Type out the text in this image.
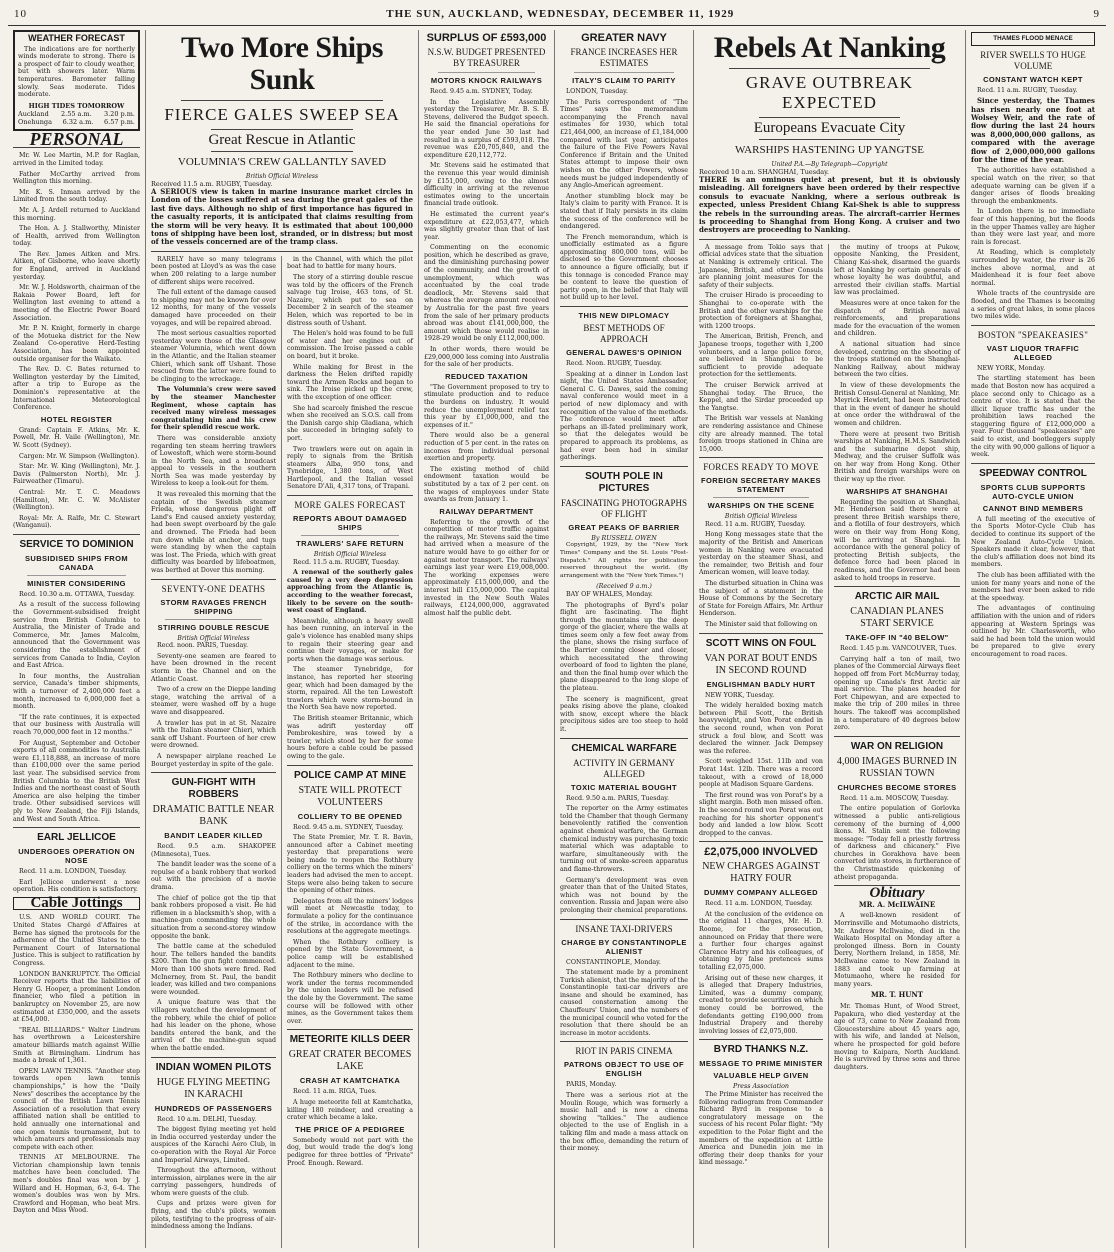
10	THE SUN, AUCKLAND, WEDNESDAY, DECEMBER 11, 1929	9
WEATHER FORECAST

The indications are for northerly winds moderate to strong. There is a prospect of fair to cloudy weather, but with showers later. Warm temperatures. Barometer falling slowly. Seas moderate. Tides moderate.

HIGH TIDES TOMORROW
Auckland 2.55 a.m. 3.20 p.m.
Onehunga 6.32 a.m. 6.57 p.m.
PERSONAL

Mr. W. Lee Martin, M.P. for Raglan, arrived in the Limited today.

Father McCarthy arrived from Wellington this morning.

Mr. K. S. Inman arrived by the Limited from the south today.

Mr. A. J. Ardell returned to Auckland this morning.

The Hon. A. J. Stallworthy, Minister of Health, arrived from Wellington today.

The Rev. James Aitken and Mrs. Aitken, of Gisborne, who leave shortly for England, arrived in Auckland yesterday.

Mr. W. J. Holdsworth, chairman of the Rakaia Power Board, left for Wellington last evening to attend a meeting of the Electric Power Board Association.

Mr. P. N. Knight, formerly in charge of the Motueka district for the New Zealand Co-operative Herd-Testing Association, has been appointed outside organiser for the Waikato.

The Rev. D. C. Bates returned to Wellington yesterday by the Limited, after a trip to Europe as the Dominion's representative at the International Meteorological Conference.

HOTEL REGISTER

Grand: Captain F. Atkins, Mr. K. Powell, Mr. H. Vaile (Wellington), Mr. W. Scott (Sydney).

Cargen: Mr. W. Simpson (Wellington).

Star: Mr. W. King (Wellington), Mr. J. Davis (Palmerston North), Mr. J. Fairweather (Timaru).

Central: Mr. T. C. Meadows (Hamilton), Mr. C. W. McAlister (Wellington).

Royal: Mr. A. Ralfe, Mr. C. Stewart (Wanganui).

SERVICE TO DOMINION
SUBSIDISED SHIPS FROM CANADA
MINISTER CONSIDERING

Recd. 10.30 a.m. OTTAWA, Tuesday.

As a result of the success following the Government-subsidised freight service from British Columbia to Australia, the Minister of Trade and Commerce, Mr. James Malcolm, announced that the Government was considering the establishment of services from Canada to India, Ceylon and East Africa.

In four months, the Australian service, Canada's timber shipments, with a turnover of 2,400,000 feet a month, increased to 6,000,000 feet a month.

"If the rate continues, it is expected that our business with Australia will reach 70,000,000 feet in 12 months."

For August, September and October exports of all commodities to Australia were £1,118,888, an increase of more than £100,000 over the same period last year. The subsidised service from British Columbia to the British West Indies and the northeast coast of South America are also helping the timber trade. Other subsidised services will ply to New Zealand, the Fiji Islands, and West and South Africa.

EARL JELLICOE
UNDERGOES OPERATION ON NOSE

Recd. 11 a.m. LONDON, Tuesday.

Earl Jellicoe underwent a nose operation. His condition is satisfactory.

Cable Jottings

U.S. AND WORLD COURT. The United States Chargé d'Affaires at Berne has signed the protocols for the adherence of the United States to the Permanent Court of International Justice. This is subject to ratification by Congress.

LONDON BANKRUPTCY. The Official Receiver reports that the liabilities of Henry G. Hooper, a prominent London financier, who filed a petition in bankruptcy on November 25, are now estimated at £350,000, and the assets at £54,000.

"REAL BILLIARDS." Walter Lindrum has overthrown a Leicestershire amateur billiards match against Willie Smith at Birmingham. Lindrum has made a break of 1,361.

OPEN LAWN TENNIS. "Another step towards open lawn tennis championships," is how the "Daily News" describes the acceptance by the council of the British Lawn Tennis Association of a resolution that every affiliated nation shall be entitled to hold annually one international and one open tennis tournament, but to which amateurs and professionals may compete with each other.

TENNIS AT MELBOURNE. The Victorian championship lawn tennis matches have been concluded. The men's doubles final was won by J. Willard and H. Hopman, 6-3, 6-4. The women's doubles was won by Mrs. Crawford and Hopman, who beat Mrs. Dayton and Miss Wood.

Two More Ships Sunk
FIERCE GALES SWEEP SEA
Great Rescue in Atlantic
VOLUMNIA'S CREW GALLANTLY SAVED
British Official Wireless
Received 11.5 a.m. RUGBY, Tuesday.
A SERIOUS view is taken in marine insurance market circles in London of the losses suffered at sea during the great gales of the last five days. Although no ship of first importance has figured in the casualty reports, it is anticipated that claims resulting from the storm will be very heavy. It is estimated that about 100,000 tons of shipping have been lost, stranded, or in distress; but most of the vessels concerned are of the tramp class.

RARELY have so many telegrams been posted at Lloyd's as was the case when 200 relating to a large number of different ships were received.

The full extent of the damage caused to shipping may not be known for over 12 months, for many of the vessels damaged have proceeded on their voyages, and will be repaired abroad.

The most serious casualties reported yesterday were those of the Glasgow steamer Volumnia, which went down in the Atlantic, and the Italian steamer Chieri, which sank off Ushant. Those rescued from the latter were found to be clinging to the wreckage.

The Volumnia's crew were saved by the steamer Manchester Regiment, whose captain has received many wireless messages congratulating him and his crew for their splendid rescue work.

There was considerable anxiety regarding ten steam herring trawlers of Lowestoft, which were storm-bound in the North Sea, and a broadcast appeal to vessels in the southern North Sea was made yesterday by Wireless to keep a look-out for them.

It was revealed this morning that the captain of the Swedish steamer Frieda, whose dangerous plight off Land's End caused anxiety yesterday, had been swept overboard by the gale and drowned. The Frieda had been run down while at anchor, and tugs were standing by when the captain was lost. The Frieda, which with great difficulty was boarded by lifeboatmen, was berthed at Dover this morning.

SEVENTY-ONE DEATHS
STORM RAVAGES FRENCH SHIPPING
STIRRING DOUBLE RESCUE
British Official Wireless

Recd. noon. PARIS, Tuesday.

Seventy-one seamen are feared to have been drowned in the recent storm in the Channel and on the Atlantic Coast.

Two of a crew on the Dieppe landing stage, watching the arrival of a steamer, were washed off by a huge wave and disappeared.

A trawler has put in at St. Nazaire with the Italian steamer Chieri, which sank off Ushant. Fourteen of her crew were drowned.

A newspaper airplane reached Le Bourget yesterday in spite of the gale.

GUN-FIGHT WITH ROBBERS
DRAMATIC BATTLE NEAR BANK
BANDIT LEADER KILLED

Recd. 9.5 a.m. SHAKOPEE (Minnesota), Tues.

The bandit leader was the scene of a repulse of a bank robbery that worked out with the precision of a movie drama.

The chief of police got the tip that bank robbers proposed a visit. He hid riflemen in a blacksmith's shop, with a machine-gun commanding the whole situation from a second-storey window opposite the bank.

The battle came at the scheduled hour. The tellers handed the bandits $200. Then the gun fight commenced. More than 100 shots were fired. Red McInerney, from St. Paul, the bandit leader, was killed and two companions were wounded.

A unique feature was that the villagers watched the development of the robbery, while the chief of police had his leader on the phone, whose bandits entered the bank, and the arrival of the machine-gun squad when the battle ended.

INDIAN WOMEN PILOTS
HUGE FLYING MEETING IN KARACHI
HUNDREDS OF PASSENGERS

Recd. 10 a.m. DELHI, Tuesday.

The biggest flying meeting yet held in India occurred yesterday under the auspices of the Karachi Aero Club, in co-operation with the Royal Air Force and Imperial Airways, Limited.

Throughout the afternoon, without intermission, airplanes were in the air carrying passengers, hundreds of whom were guests of the club.

Cups and prizes were given for flying, and the club's pilots, women pilots, testifying to the progress of air-mindedness among the Indians.

in the Channel, with which the pilot boat had to battle for many hours.

The story of a stirring double rescue was told by the officers of the French salvage tug Iroise, 463 tons, of St. Nazaire, which put to sea on December 2 in search of the steamer Helen, which was reported to be in distress south of Ushant.

The Helen's hold was found to be full of water and her engines out of commission. The Iroise passed a cable on board, but it broke.

While making for Brest in the darkness the Helen drifted rapidly toward the Armen Rocks and began to sink. The Iroise picked up the crew, with the exception of one officer.

She had scarcely finished the rescue when she received an S.O.S. call from the Danish cargo ship Gladiana, which she succeeded in bringing safely to port.

Two trawlers were out on again in reply to signals from the British steamers Alba, 950 tons, and Tynebridge, 1,380 tons, of West Hartlepool, and the Italian vessel Senatore D'Ali, 4,317 tons, of Trapani.

MORE GALES FORECAST
REPORTS ABOUT DAMAGED SHIPS
TRAWLERS' SAFE RETURN
British Official Wireless

Recd. 11.5 a.m. RUGBY, Tuesday.

A renewal of the southerly gales caused by a very deep depression approaching from the Atlantic is, according to the weather forecast, likely to be severe on the south-west coast of England.

Meanwhile, although a heavy swell has been running, an interval in the gale's violence has enabled many ships to regain their steering gear and continue their voyages, or make for ports when the damage was serious.

The steamer Tynebridge, for instance, has reported her steering gear, which had been damaged by the storm, repaired. All the ten Lowestoft trawlers which were storm-bound in the North Sea have now reported.

The British steamer Britannic, which was adrift yesterday off Pembrokeshire, was towed by a trawler, which stood by her for some hours before a cable could be passed owing to the gale.

POLICE CAMP AT MINE
STATE WILL PROTECT VOLUNTEERS
COLLIERY TO BE OPENED

Recd. 9.45 a.m. SYDNEY, Tuesday.

The State Premier, Mr. T. R. Bavin, announced after a Cabinet meeting yesterday that preparations were being made to reopen the Rothbury colliery on the terms which the miners' leaders had advised the men to accept. Steps were also being taken to secure the opening of other mines.

Delegates from all the miners' lodges will meet at Newcastle today, to formulate a policy for the continuance of the strike, in accordance with the resolutions at the aggregate meetings.

When the Rothbury colliery is opened by the State Government, a police camp will be established adjacent to the mine.

The Rothbury miners who decline to work under the terms recommended by the union leaders will be refused the dole by the Government. The same course will be followed with other mines, as the Government takes them over.

METEORITE KILLS DEER
GREAT CRATER BECOMES LAKE
CRASH AT KAMTCHATKA

Recd. 11 a.m. RIGA, Tues.

A huge meteorite fell at Kamtchatka, killing 180 reindeer, and creating a crater which became a lake.

THE PRICE OF A PEDIGREE

Somebody would not part with the dog, but would trade the dog's long pedigree for three bottles of "Private" Proof. Enough. Reward.

SURPLUS OF £593,000
N.S.W. BUDGET PRESENTED BY TREASURER
MOTORS KNOCK RAILWAYS

Recd. 9.45 a.m. SYDNEY, Today.

In the Legislative Assembly yesterday the Treasurer, Mr. B. S. B. Stevens, delivered the Budget speech. He said the financial operations for the year ended June 30 last had resulted in a surplus of £593,018. The revenue was £20,705,840, and the expenditure £20,112,772.

Mr. Stevens said he estimated that the revenue this year would diminish by £151,000, owing to the almost difficulty in arriving at the revenue estimates owing to the uncertain financial trade outlook.

He estimated the current year's expenditure at £22,053,477, which was slightly greater than that of last year.

Commenting on the economic position, which he described as grave, and the diminishing purchasing power of the community, and the growth of unemployment, which was accentuated by the coal trade deadlock, Mr. Stevens said that whereas the average amount received by Australia for the past five years from the sale of her primary products abroad was about £141,000,000, the amount which those would realise in 1928-29 would be only £112,000,000.

In other words, there would be £29,000,000 less coming into Australia for the sale of her products.

REDUCED TAXATION

"The Government proposed to try to stimulate production and to reduce the burdens on industry. It would reduce the unemployment relief tax this year by £1,000,000, and the expenses of it."

There would also be a general reduction of 5 per cent. in the rates on incomes from individual personal exertion and property.

The existing method of child endowment taxation would be substituted by a tax of 2 per cent. on the wages of employees under State awards as from January 1.

RAILWAY DEPARTMENT

Referring to the growth of the competition of motor traffic against the railways, Mr. Stevens said the time had arrived when a measure of the nature would have to go either for or against motor transport. The railways' earnings last year were £19,008,000. The working expenses were approximately £15,000,000, and the interest bill £15,000,000. The capital invested in the New South Wales railways, £124,000,000, aggravated almost half the public debt.

GREATER NAVY
FRANCE INCREASES HER ESTIMATES
ITALY'S CLAIM TO PARITY

LONDON, Tuesday.

The Paris correspondent of "The Times" says the memorandum accompanying the French naval estimates for 1930, which total £21,464,000, an increase of £1,184,000 compared with last year, anticipates the failure of the Five Powers Naval Conference if Britain and the United States attempt to impose their own wishes on the other Powers, whose needs must be judged independently of any Anglo-American agreement.

Another stumbling block may be Italy's claim to parity with France. It is stated that if Italy persists in its claim the success of the conference will be endangered.

The French memorandum, which is unofficially estimated as a figure approximating 800,000 tons, will be disclosed so the Government chooses to announce a figure officially, but if this tonnage is conceded France may be content to leave the question of parity open, in the belief that Italy will not build up to her level.

THIS NEW DIPLOMACY
BEST METHODS OF APPROACH
GENERAL DAWES'S OPINION

Recd. Noon. RUGBY, Tuesday.

Speaking at a dinner in London last night, the United States Ambassador, General C. G. Dawes, said the coming naval conference would meet in a period of new diplomacy and with recognition of the value of the methods. The conference would meet after perhaps an ill-fated preliminary work, so that the delegates would be prepared to approach its problems, as had ever been had in similar gatherings.

SOUTH POLE IN PICTURES
FASCINATING PHOTOGRAPHS OF FLIGHT
GREAT PEAKS OF BARRIER
By RUSSELL OWEN

Copyright, 1929, by the "New York Times" Company and the St. Louis "Post-Dispatch." All rights for publication reserved throughout the world. (By arrangement with the "New York Times.")

(Received 9 a.m.)

BAY OF WHALES, Monday.

The photographs of Byrd's polar flight are fascinating. The flight through the mountains up the deep gorge of the glacier, where the walls at times seem only a few feet away from the plane, shows the rising surface of the Barrier coming closer and closer, which necessitated the throwing overboard of food to lighten the plane, and then the final hump over which the plane disappeared to the long slope of the plateau.

The scenery is magnificent, great peaks rising above the plane, cloaked with snow, except where the black precipitous sides are too steep to hold it.

CHEMICAL WARFARE
ACTIVITY IN GERMANY ALLEGED
TOXIC MATERIAL BOUGHT

Recd. 9.50 a.m. PARIS, Tuesday.

The reporter on the Army estimates told the Chamber that though Germany benevolently ratified the convention against chemical warfare, the German chemical industry was purchasing toxic material which was adaptable to warfare, simultaneously with the turning out of smoke-screen apparatus and flame-throwers.

Germany's development was even greater than that of the United States, which was not bound by the convention. Russia and Japan were also prolonging their chemical preparations.

INSANE TAXI-DRIVERS
CHARGE BY CONSTANTINOPLE ALIENIST

CONSTANTINOPLE, Monday.

The statement made by a prominent Turkish alienist, that the majority of the Constantinople taxi-car drivers are insane and should be examined, has caused consternation among the Chauffeurs' Union, and the numbers of the municipal council who voted for the resolution that there should be an increase in motor accidents.

RIOT IN PARIS CINEMA
PATRONS OBJECT TO USE OF ENGLISH

PARIS, Monday.

There was a serious riot at the Moulin Rouge, which was formerly a music hall and is now a cinema showing "talkies." The audience objected to the use of English in a talking film and made a mass attack on the box office, demanding the return of their money.

Rebels At Nanking
GRAVE OUTBREAK EXPECTED
Europeans Evacuate City
WARSHIPS HASTENING UP YANGTSE
United P.A.—By Telegraph—Copyright
Received 10 a.m. SHANGHAI, Tuesday.
THERE is an ominous quiet at present, but it is obviously misleading. All foreigners have been ordered by their respective consuls to evacuate Nanking, where a serious outbreak is expected, unless President Chiang Kai-Shek is able to suppress the rebels in the surrounding areas. The aircraft-carrier Hermes is proceeding to Shanghai from Hong Kong. A cruiser and two destroyers are proceeding to Nanking.

A message from Tokio says that official advices state that the situation at Nanking is extremely critical. The Japanese, British, and other Consuls are planning joint measures for the safety of their subjects.

The cruiser Hirado is proceeding to Shanghai to co-operate with the British and the other warships for the protection of foreigners at Shanghai, with 1200 troops.

The American, British, French, and Japanese troops, together with 1,200 volunteers, and a large police force, are believed in Shanghai to be sufficient to provide adequate protection for the settlements.

The cruiser Berwick arrived at Shanghai today. The Bruce, the Keppel, and the Sirdar proceeded up the Yangtse.

The British war vessels at Nanking are rendering assistance and Chinese city are already manned. The total foreign troops stationed in China are 15,000.

FORCES READY TO MOVE
FOREIGN SECRETARY MAKES STATEMENT
WARSHIPS ON THE SCENE
British Official Wireless

Recd. 11 a.m. RUGBY, Tuesday.

Hong Kong messages state that the majority of the British and American women in Nanking were evacuated yesterday on the steamer Shasi, and the remainder, two British and four American women, will leave today.

The disturbed situation in China was the subject of a statement in the House of Commons by the Secretary of State for Foreign Affairs, Mr. Arthur Henderson.

The Minister said that following on

SCOTT WINS ON FOUL
VAN PORAT BOUT ENDS IN SECOND ROUND
ENGLISHMAN BADLY HURT

NEW YORK, Tuesday.

The widely heralded boxing match between Phil Scott, the British heavyweight, and Von Porat ended in the second round, when von Porat struck a foul blow, and Scott was declared the winner. Jack Dempsey was the referee.

Scott weighed 15st. 11lb and von Porat 14st. 12lb. There was a record takeout, with a crowd of 18,000 people at Madison Square Gardens.

The first round was von Porat's by a slight margin. Both men missed often. In the second round von Porat was out reaching for his shorter opponent's body and landed a low blow. Scott dropped to the canvas.

£2,075,000 INVOLVED
NEW CHARGES AGAINST HATRY FOUR
DUMMY COMPANY ALLEGED

Recd. 11 a.m. LONDON, Tuesday.

At the conclusion of the evidence on the original 11 charges, Mr. H. D. Roome, for the prosecution, announced on Friday that there were a further four charges against Clarence Hatry and his colleagues, of obtaining by false pretences sums totalling £2,075,000.

Arising out of these new charges, it is alleged that Drapery Industries, Limited, was a dummy company, created to provide securities on which money could be borrowed, the defendants getting £190,000 from Industrial Drapery and thereby involving losses of £2,075,000.

BYRD THANKS N.Z.
MESSAGE TO PRIME MINISTER
VALUABLE HELP GIVEN
Press Association

The Prime Minister has received the following radiogram from Commander Richard Byrd in response to a congratulatory message on the success of his recent Polar flight: "My expedition to the Polar flight and the members of the expedition at Little America and Dunedin join me in offering their deep thanks for your kind message."

the mutiny of troops at Pukow, opposite Nanking, the President, Chiang Kai-shek, disarmed the guards left at Nanking by certain generals of whose loyalty he was doubtful, and arrested their civilian staffs. Martial law was proclaimed.

Measures were at once taken for the dispatch of British naval reinforcements, and preparations made for the evacuation of the women and children.

A national situation had since developed, centring on the shooting of the troops stationed on the Shanghai-Nanking Railway, about midway between the two cities.

In view of these developments the British Consul-General at Nanking, Mr. Meyrick Hewlett, had been instructed that in the event of danger he should at once order the withdrawal of the women and children.

There were at present two British warships at Nanking, H.M.S. Sandwich and the submarine depot ship, Medway, and the cruiser Suffolk was on her way from Hong Kong. Other British and foreign warships were on their way up the river.

WARSHIPS AT SHANGHAI

Regarding the position at Shanghai, Mr. Henderson said there were at present three British warships there, and a flotilla of four destroyers, which were on their way from Hong Kong, will be arriving at Shanghai. In accordance with the general policy of protecting British subjects, the defence force had been placed in readiness, and the Governor had been asked to hold troops in reserve.

ARCTIC AIR MAIL
CANADIAN PLANES START SERVICE
TAKE-OFF IN "40 BELOW"

Recd. 1.45 p.m. VANCOUVER, Tues.

Carrying half a ton of mail, two planes of the Commercial Airways fleet hopped off from Fort McMurray today, opening up Canada's first Arctic air mail service. The planes headed for Fort Chipewyan, and are expected to make the trip of 200 miles in three hours. The takeoff was accomplished in a temperature of 40 degrees below zero.

WAR ON RELIGION
4,000 IMAGES BURNED IN RUSSIAN TOWN
CHURCHES BECOME STORES

Recd. 11 a.m. MOSCOW, Tuesday.

The entire population of Gorlovka witnessed a public anti-religious ceremony of the burning of 4,000 ikons. M. Stalin sent the following message: "Today fell a priestly fortress of darkness and chicanery." Five churches in Gorakhova have been converted into stores, in furtherance of the Christmastide quickening of atheist propaganda.

Obituary
MR. A. McILWAINE

A well-known resident of Morrinsville and Motumaoho districts, Mr. Andrew McIlwaine, died in the Waikato Hospital on Monday after a prolonged illness. Born in County Derry, Northern Ireland, in 1858, Mr. McIlwaine came to New Zealand in 1883 and took up farming at Motumaoho, where he resided for many years.

MR. T. HUNT

Mr. Thomas Hunt, of Wood Street, Papakura, who died yesterday at the age of 73, came to New Zealand from Gloucestershire about 45 years ago, with his wife, and landed at Nelson, where he prospected for gold before moving to Kaipara, North Auckland. He is survived by three sons and three daughters.

THAMES FLOOD MENACE
RIVER SWELLS TO HUGE VOLUME
CONSTANT WATCH KEPT

Recd. 11 a.m. RUGBY, Tuesday.

Since yesterday, the Thames has risen nearly one foot at Wolsey Weir, and the rate of flow during the last 24 hours was 8,000,000,000 gallons, as compared with the average flow of 2,000,000,000 gallons for the time of the year.

The authorities have established a special watch on the river, so that adequate warning can be given if a danger arises of floods breaking through the embankments.

In London there is no immediate fear of this happening, but the floods in the upper Thames valley are higher than they were last year, and more rain is forecast.

At Reading, which is completely surrounded by water, the river is 26 inches above normal, and at Maidenhead it is four feet above normal.

Whole tracts of the countryside are flooded, and the Thames is becoming a series of great lakes, in some places two miles wide.

BOSTON "SPEAKEASIES"
VAST LIQUOR TRAFFIC ALLEGED

NEW YORK, Monday.

The startling statement has been made that Boston now has acquired a place second only to Chicago as a centre of vice. It is stated that the illicit liquor traffic has under the prohibition laws reached the staggering figure of £12,000,000 a year. Four thousand "speakeasies" are said to exist, and bootleggers supply the city with 90,000 gallons of liquor a week.

SPEEDWAY CONTROL
SPORTS CLUB SUPPORTS AUTO-CYCLE UNION
CANNOT BIND MEMBERS

A full meeting of the executive of the Sports Motor-Cycle Club has decided to continue its support of the New Zealand Auto-Cycle Union. Speakers made it clear, however, that the club's affiliation does not bind its members.

The club has been affiliated with the union for many years and none of the members had ever been asked to ride at the speedway.

The advantages of continuing affiliation with the union and of riders appearing at Western Springs was outlined by Mr. Charlesworth, who said he had been told the union would be prepared to give every encouragement to road races.
